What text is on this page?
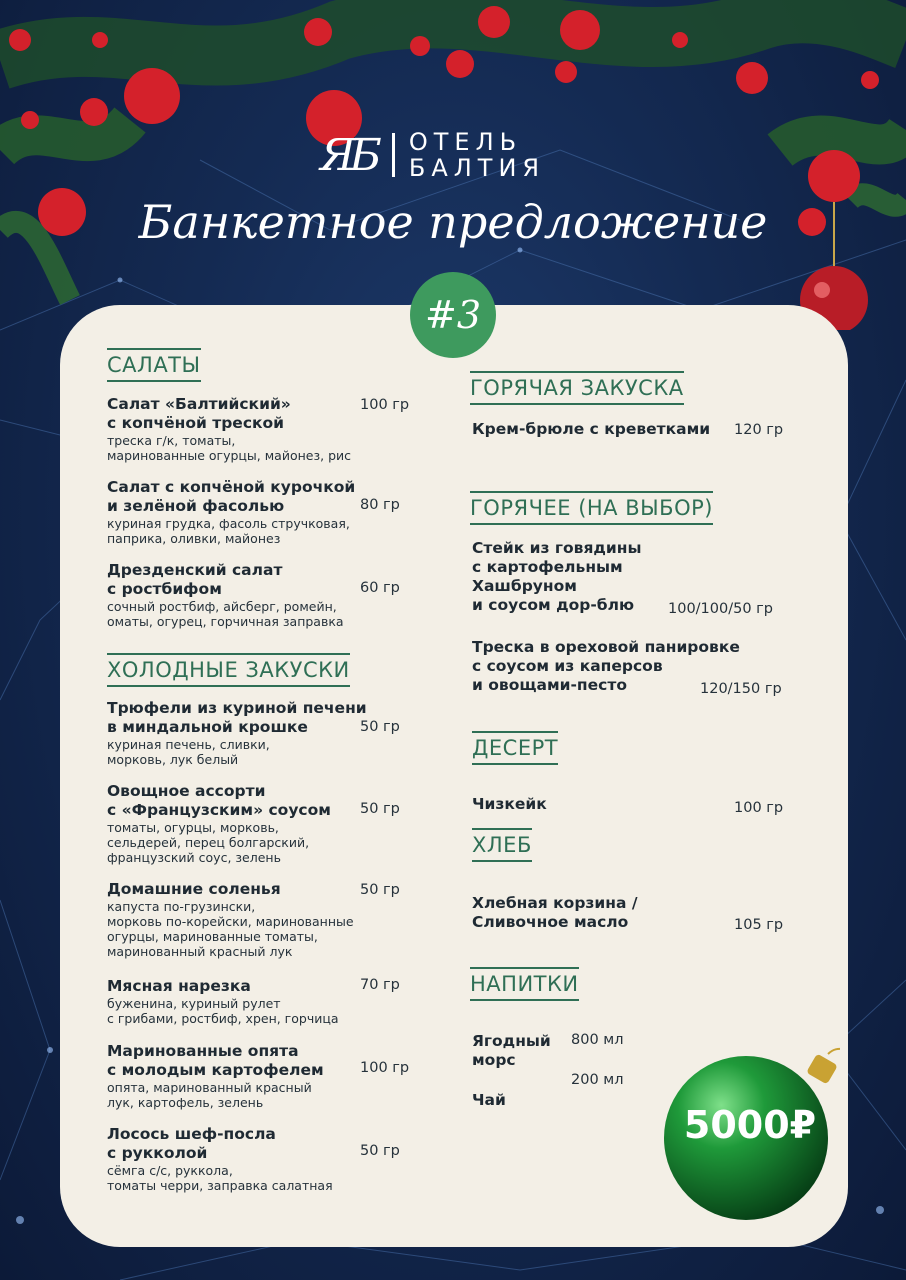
ЯБ ОТЕЛЬ
БАЛТИЯ
Банкетное предложение
#3
САЛАТЫ
Салат «Балтийский»
с копчёной треской
треска г/к, томаты,
маринованные огурцы, майонез, рис
100 гр
Салат с копчёной курочкой
и зелёной фасолью
куриная грудка, фасоль стручковая,
паприка, оливки, майонез
80 гр
Дрезденский салат
с ростбифом
сочный ростбиф, айсберг, ромейн,
оматы, огурец, горчичная заправка
60 гр
ХОЛОДНЫЕ ЗАКУСКИ
Трюфели из куриной печени
в миндальной крошке
куриная печень, сливки,
морковь, лук белый
50 гр
Овощное ассорти
с «Французским» соусом
томаты, огурцы, морковь,
сельдерей, перец болгарский,
французский соус, зелень
50 гр
Домашние соленья
капуста по-грузински,
морковь по-корейски, маринованные
огурцы, маринованные томаты,
маринованный красный лук
50 гр
Мясная нарезка
буженина, куриный рулет
с грибами, ростбиф, хрен, горчица
70 гр
Маринованные опята
с молодым картофелем
опята, маринованный красный
лук, картофель, зелень
100 гр
Лосось шеф-посла
с рукколой
сёмга с/с, руккола,
томаты черри, заправка салатная
50 гр
ГОРЯЧАЯ ЗАКУСКА
Крем-брюле с креветками 120 гр
ГОРЯЧЕЕ (НА ВЫБОР)
Стейк из говядины
с картофельным
Хашбруном
и соусом дор-блю	100/100/50 гр
Треска в ореховой панировке
с соусом из каперсов
и овощами-песто	120/150 гр
ДЕСЕРТ
Чизкейк	100 гр
ХЛЕБ
Хлебная корзина /
Сливочное масло	105 гр
НАПИТКИ
Ягодный
морс
800 мл
Чай
200 мл
5000₽
